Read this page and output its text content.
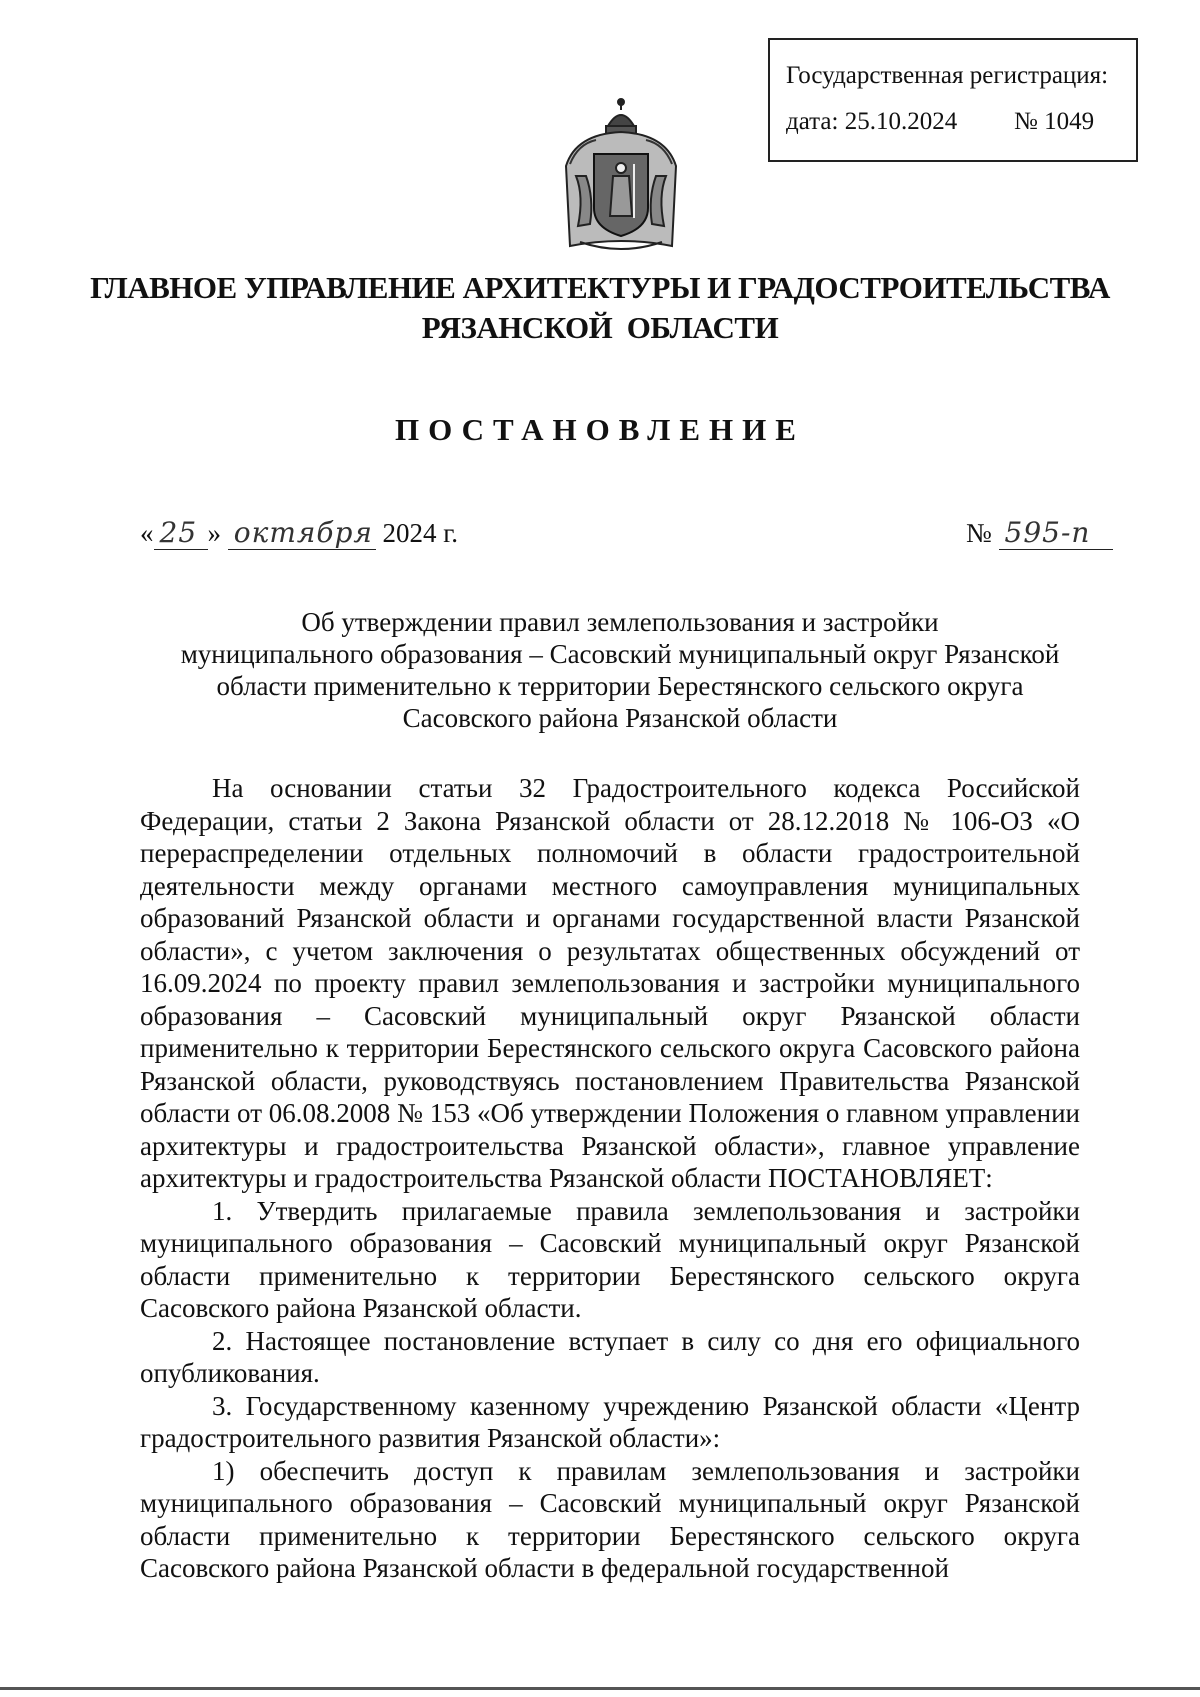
Государственная регистрация:
дата: 25.10.2024 № 1049
ГЛАВНОЕ УПРАВЛЕНИЕ АРХИТЕКТУРЫ И ГРАДОСТРОИТЕЛЬСТВА
РЯЗАНСКОЙ  ОБЛАСТИ
ПОСТАНОВЛЕНИЕ
« 25 » октября 2024 г.	№ 595-п
Об утверждении правил землепользования и застройки
муниципального образования – Сасовский муниципальный округ Рязанской
области применительно к территории Берестянского сельского округа
Сасовского района Рязанской области

На основании статьи 32 Градостроительного кодекса Российской Федерации, статьи 2 Закона Рязанской области от 28.12.2018 № 106-ОЗ «О перераспределении отдельных полномочий в области градостроительной деятельности между органами местного самоуправления муниципальных образований Рязанской области и органами государственной власти Рязанской области», с учетом заключения о результатах общественных обсуждений от 16.09.2024 по проекту правил землепользования и застройки муниципального образования – Сасовский муниципальный округ Рязанской области применительно к территории Берестянского сельского округа Сасовского района Рязанской области, руководствуясь постановлением Правительства Рязанской области от 06.08.2008 № 153 «Об утверждении Положения о главном управлении архитектуры и градостроительства Рязанской области», главное управление архитектуры и градостроительства Рязанской области ПОСТАНОВЛЯЕТ:

1. Утвердить прилагаемые правила землепользования и застройки муниципального образования – Сасовский муниципальный округ Рязанской области применительно к территории Берестянского сельского округа Сасовского района Рязанской области.

2. Настоящее постановление вступает в силу со дня его официального опубликования.

3. Государственному казенному учреждению Рязанской области «Центр градостроительного развития Рязанской области»:

1) обеспечить доступ к правилам землепользования и застройки муниципального образования – Сасовский муниципальный округ Рязанской области применительно к территории Берестянского сельского округа Сасовского района Рязанской области в федеральной государственной
